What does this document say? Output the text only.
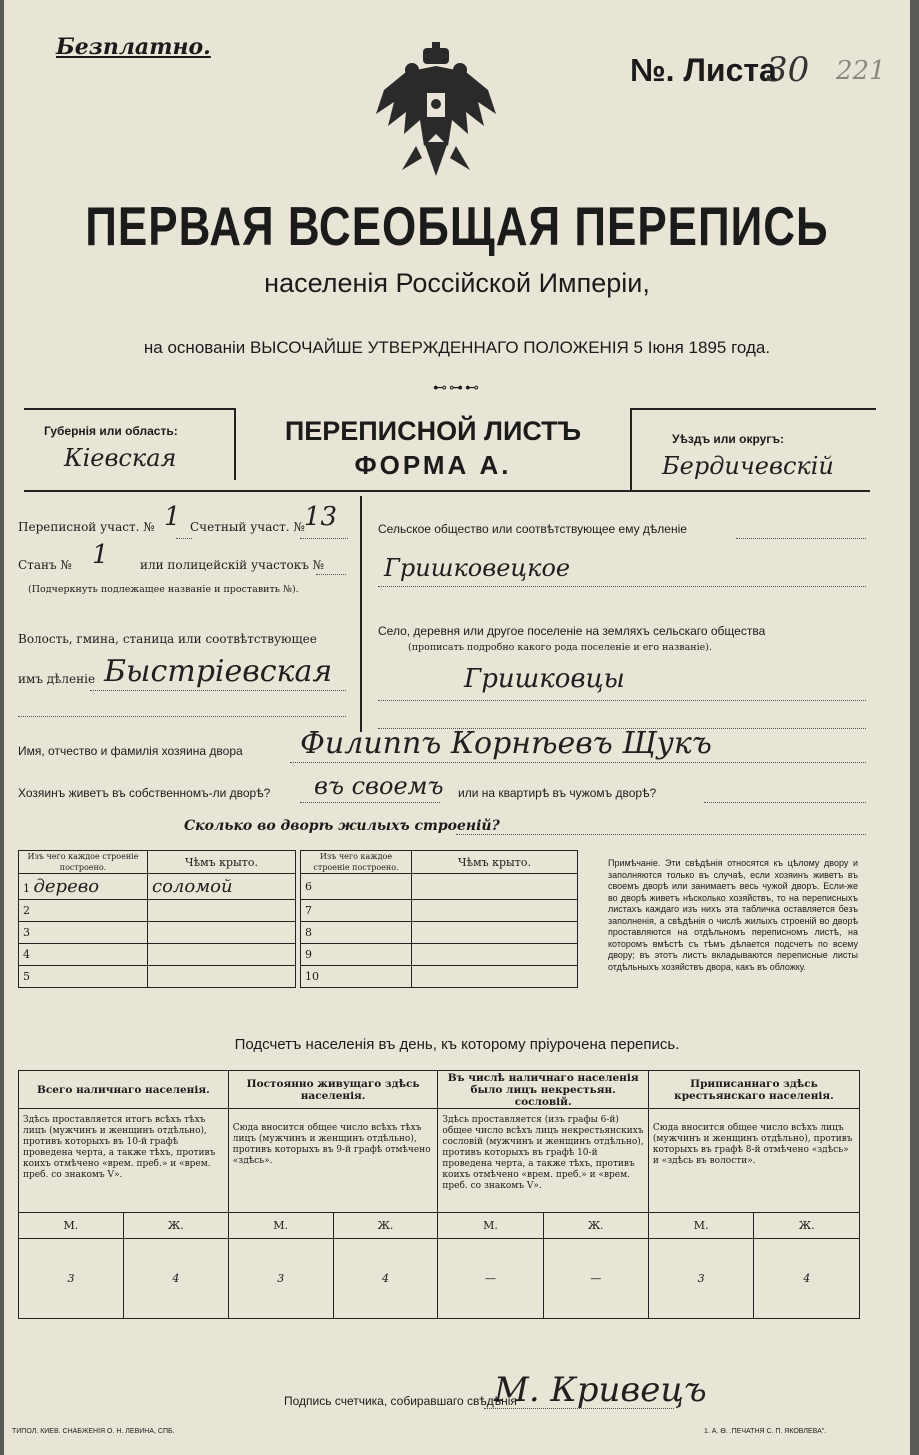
Безплатно.
№. Листа
30 221
ПЕРВАЯ ВСЕОБЩАЯ ПЕРЕПИСЬ
населенія Россійской Имперіи,
на основаніи ВЫСОЧАЙШЕ УТВЕРЖДЕННАГО ПОЛОЖЕНІЯ 5 Іюня 1895 года.
⊷⊶⊷
Губернія или область:
Кіевская
ПЕРЕПИСНОЙ ЛИСТЪ
ФОРМА А.
Уѣздъ или округъ:
Бердичевскій
Переписной участ. № 1 Счетный участ. № 13
Станъ № 1	или полицейскій участокъ №
(Подчеркнуть подлежащее названіе и проставить №).
Волость, гмина, станица или соотвѣтствующее
имъ дѣленіе Быстріевская
Сельское общество или соотвѣтствующее ему дѣленіе
Гришковецкое
Село, деревня или другое поселеніе на земляхъ сельскаго общества
(прописать подробно какого рода поселеніе и его названіе).
Гришковцы
Имя, отчество и фамилія хозяина двора Филиппъ Корнѣевъ Щукъ
Хозяинъ живетъ въ собственномъ-ли дворѣ? въ своемъ или на квартирѣ въ чужомъ дворѣ?
Сколько во дворѣ жилыхъ строеній?
Изъ чего каждое строеніе построено.	Чѣмъ крыто.
1 дерево	соломой
2	
3	
4	
5	
Изъ чего каждое строеніе построено.	Чѣмъ крыто.
6	
7	
8	
9	
10	
Примѣчаніе. Эти свѣдѣнія относятся къ цѣлому двору и заполняются только въ случаѣ, если хозяинъ живетъ въ своемъ дворѣ или занимаетъ весь чужой дворъ. Если-же во дворѣ живетъ нѣсколько хозяйствъ, то на переписныхъ листахъ каждаго изъ нихъ эта табличка оставляется безъ заполненія, а свѣдѣнія о числѣ жилыхъ строеній во дворѣ проставляются на отдѣльномъ переписномъ листѣ, на которомъ вмѣстѣ съ тѣмъ дѣлается подсчетъ по всему двору; въ этотъ листъ вкладываются переписные листы отдѣльныхъ хозяйствъ двора, какъ въ обложку.
Подсчетъ населенія въ день, къ которому пріурочена перепись.
Всего наличнаго населенія.		Постоянно живущаго здѣсь населенія.		Въ числѣ наличнаго населенія было лицъ некрестьян. сословій.		Приписаннаго здѣсь крестьянскаго населенія.	
Здѣсь проставляется итогъ всѣхъ тѣхъ лицъ (мужчинъ и женщинъ отдѣльно), противъ которыхъ въ 10-й графѣ проведена черта, а также тѣхъ, противъ коихъ отмѣчено «врем. преб.» и «врем. преб. со знакомъ V».		Сюда вносится общее число всѣхъ тѣхъ лицъ (мужчинъ и женщинъ отдѣльно), противъ которыхъ въ 9-й графѣ отмѣчено «здѣсь».		Здѣсь проставляется (изъ графы 6-й) общее число всѣхъ лицъ некрестьянскихъ сословій (мужчинъ и женщинъ отдѣльно), противъ которыхъ въ графѣ 10-й проведена черта, а также тѣхъ, противъ коихъ отмѣчено «врем. преб.» и «врем. преб. со знакомъ V».		Сюда вносится общее число всѣхъ лицъ (мужчинъ и женщинъ отдѣльно), противъ которыхъ въ графѣ 8-й отмѣчено «здѣсь» и «здѣсь въ волости».	
М.	Ж.	М.	Ж.	М.	Ж.	М.	Ж.
3	4	3	4	—	—	3	4
Подпись счетчика, собиравшаго свѣдѣнія
М. Кривецъ
ТИПОЛ. КИЕВ. СНАБЖЕНІЯ О. Н. ЛЕВИНА, СПБ.	1. А. Ѳ. .ПЕЧАТНЯ С. П. ЯКОВЛЕВА".
